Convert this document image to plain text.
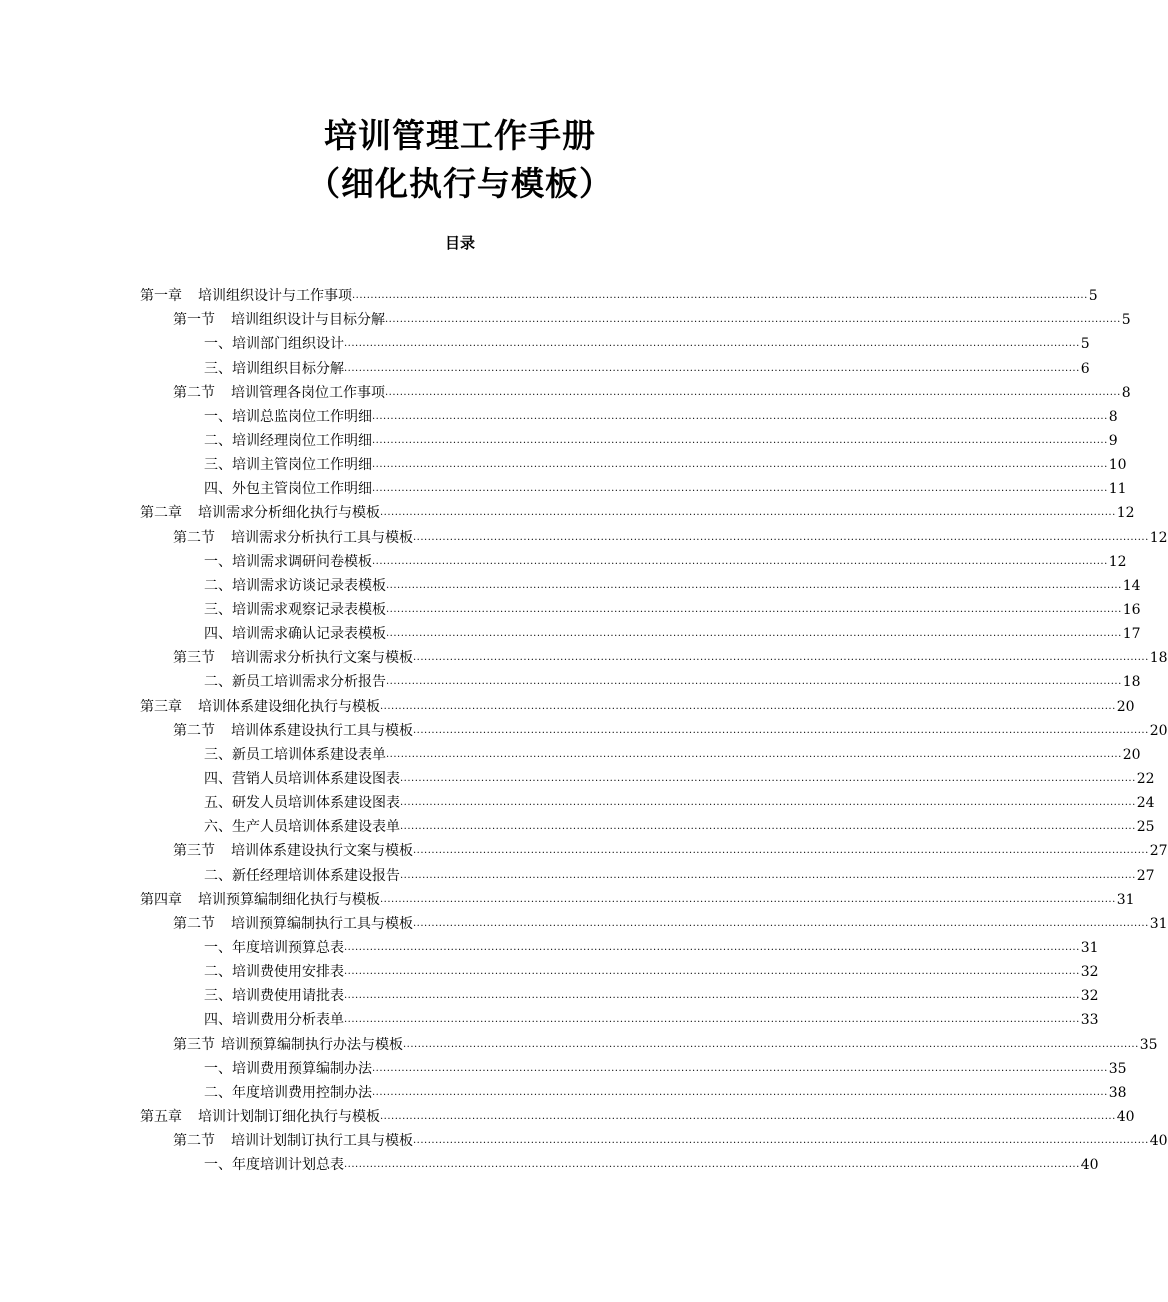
培训管理工作手册
（细化执行与模板）
目录
第一章 培训组织设计与工作事项 ........................................................................................................................................................................................................ 5
第一节 培训组织设计与目标分解 ........................................................................................................................................................................................................ 5
一、培训部门组织设计 ........................................................................................................................................................................................................ 5
三、培训组织目标分解 ........................................................................................................................................................................................................ 6
第二节 培训管理各岗位工作事项 ........................................................................................................................................................................................................ 8
一、培训总监岗位工作明细 ........................................................................................................................................................................................................ 8
二、培训经理岗位工作明细 ........................................................................................................................................................................................................ 9
三、培训主管岗位工作明细 ........................................................................................................................................................................................................ 10
四、外包主管岗位工作明细 ........................................................................................................................................................................................................ 11
第二章 培训需求分析细化执行与模板 ........................................................................................................................................................................................................ 12
第二节 培训需求分析执行工具与模板 ........................................................................................................................................................................................................ 12
一、培训需求调研问卷模板 ........................................................................................................................................................................................................ 12
二、培训需求访谈记录表模板 ........................................................................................................................................................................................................ 14
三、培训需求观察记录表模板 ........................................................................................................................................................................................................ 16
四、培训需求确认记录表模板 ........................................................................................................................................................................................................ 17
第三节 培训需求分析执行文案与模板 ........................................................................................................................................................................................................ 18
二、新员工培训需求分析报告 ........................................................................................................................................................................................................ 18
第三章 培训体系建设细化执行与模板 ........................................................................................................................................................................................................ 20
第二节 培训体系建设执行工具与模板 ........................................................................................................................................................................................................ 20
三、新员工培训体系建设表单 ........................................................................................................................................................................................................ 20
四、营销人员培训体系建设图表 ........................................................................................................................................................................................................ 22
五、研发人员培训体系建设图表 ........................................................................................................................................................................................................ 24
六、生产人员培训体系建设表单 ........................................................................................................................................................................................................ 25
第三节 培训体系建设执行文案与模板 ........................................................................................................................................................................................................ 27
二、新任经理培训体系建设报告 ........................................................................................................................................................................................................ 27
第四章 培训预算编制细化执行与模板 ........................................................................................................................................................................................................ 31
第二节 培训预算编制执行工具与模板 ........................................................................................................................................................................................................ 31
一、年度培训预算总表 ........................................................................................................................................................................................................ 31
二、培训费使用安排表 ........................................................................................................................................................................................................ 32
三、培训费使用请批表 ........................................................................................................................................................................................................ 32
四、培训费用分析表单 ........................................................................................................................................................................................................ 33
第三节 培训预算编制执行办法与模板 ........................................................................................................................................................................................................ 35
一、培训费用预算编制办法 ........................................................................................................................................................................................................ 35
二、年度培训费用控制办法 ........................................................................................................................................................................................................ 38
第五章 培训计划制订细化执行与模板 ........................................................................................................................................................................................................ 40
第二节 培训计划制订执行工具与模板 ........................................................................................................................................................................................................ 40
一、年度培训计划总表 ........................................................................................................................................................................................................ 40
